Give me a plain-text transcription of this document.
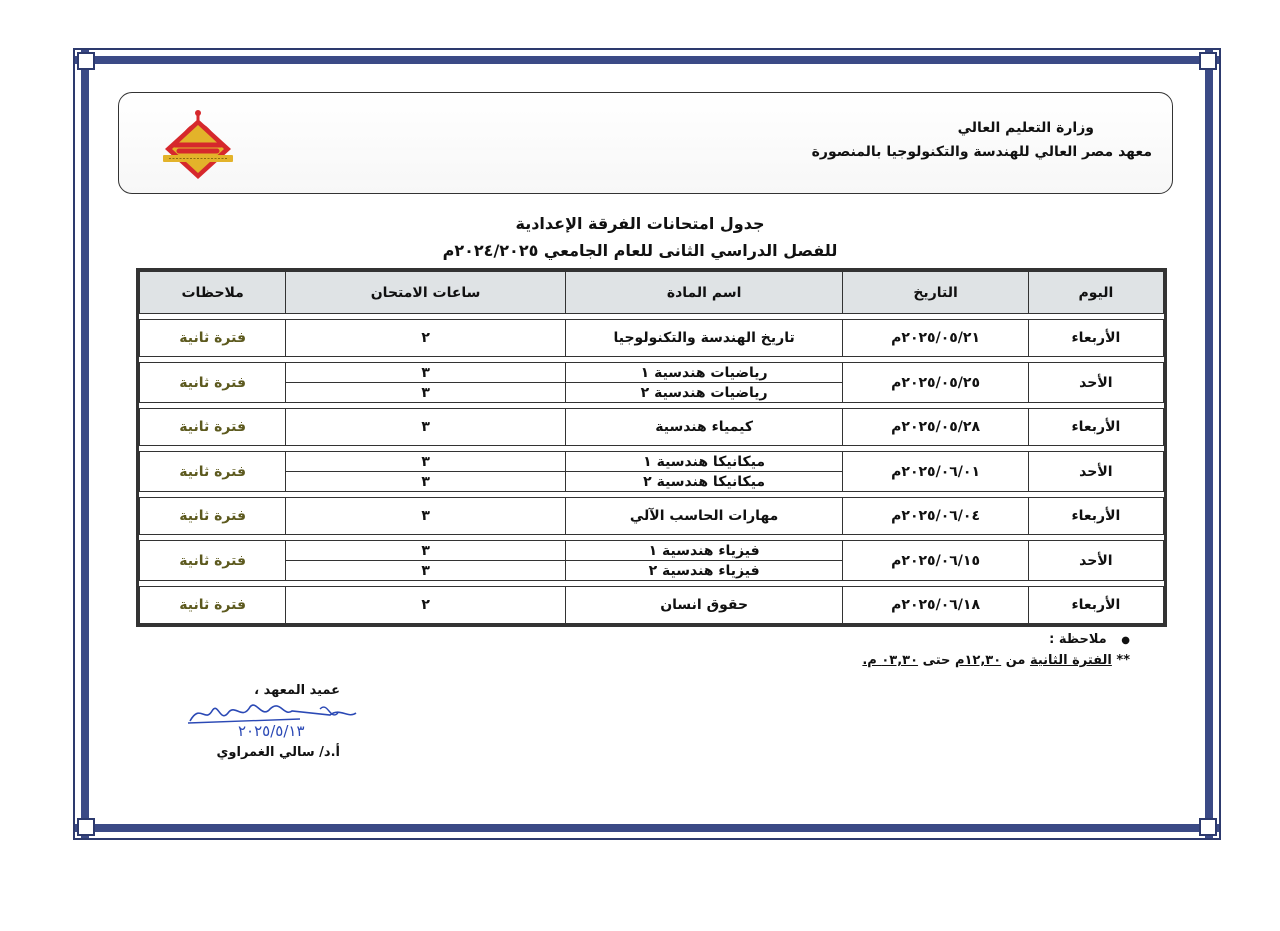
وزارة التعليم العالي
معهد مصر العالي للهندسة والتكنولوجيا بالمنصورة
جدول امتحانات الفرقة الإعدادية
للفصل الدراسي الثانى للعام الجامعي ٢٠٢٤/٢٠٢٥م
اليوم	التاريخ	اسم المادة	ساعات الامتحان	ملاحظات

الأربعاء	٢٠٢٥/٠٥/٢١م	تاريخ الهندسة والتكنولوجيا	٢	فترة ثانية

الأحد	٢٠٢٥/٠٥/٢٥م	رياضيات هندسية ١	٣	فترة ثانية
		رياضيات هندسية ٢	٣	

الأربعاء	٢٠٢٥/٠٥/٢٨م	كيمياء هندسية	٣	فترة ثانية

الأحد	٢٠٢٥/٠٦/٠١م	ميكانيكا هندسية ١	٣	فترة ثانية
		ميكانيكا هندسية ٢	٣	

الأربعاء	٢٠٢٥/٠٦/٠٤م	مهارات الحاسب الآلي	٣	فترة ثانية

الأحد	٢٠٢٥/٠٦/١٥م	فيزياء هندسية ١	٣	فترة ثانية
		فيزياء هندسية ٢	٣	

الأربعاء	٢٠٢٥/٠٦/١٨م	حقوق انسان	٢	فترة ثانية
● ملاحظة :
** الفترة الثانية من ١٢,٣٠م حتى ٠٣,٣٠ م.
عميد المعهد ،
أ.د/ سالي الغمراوي
٢٠٢٥/٥/١٣
